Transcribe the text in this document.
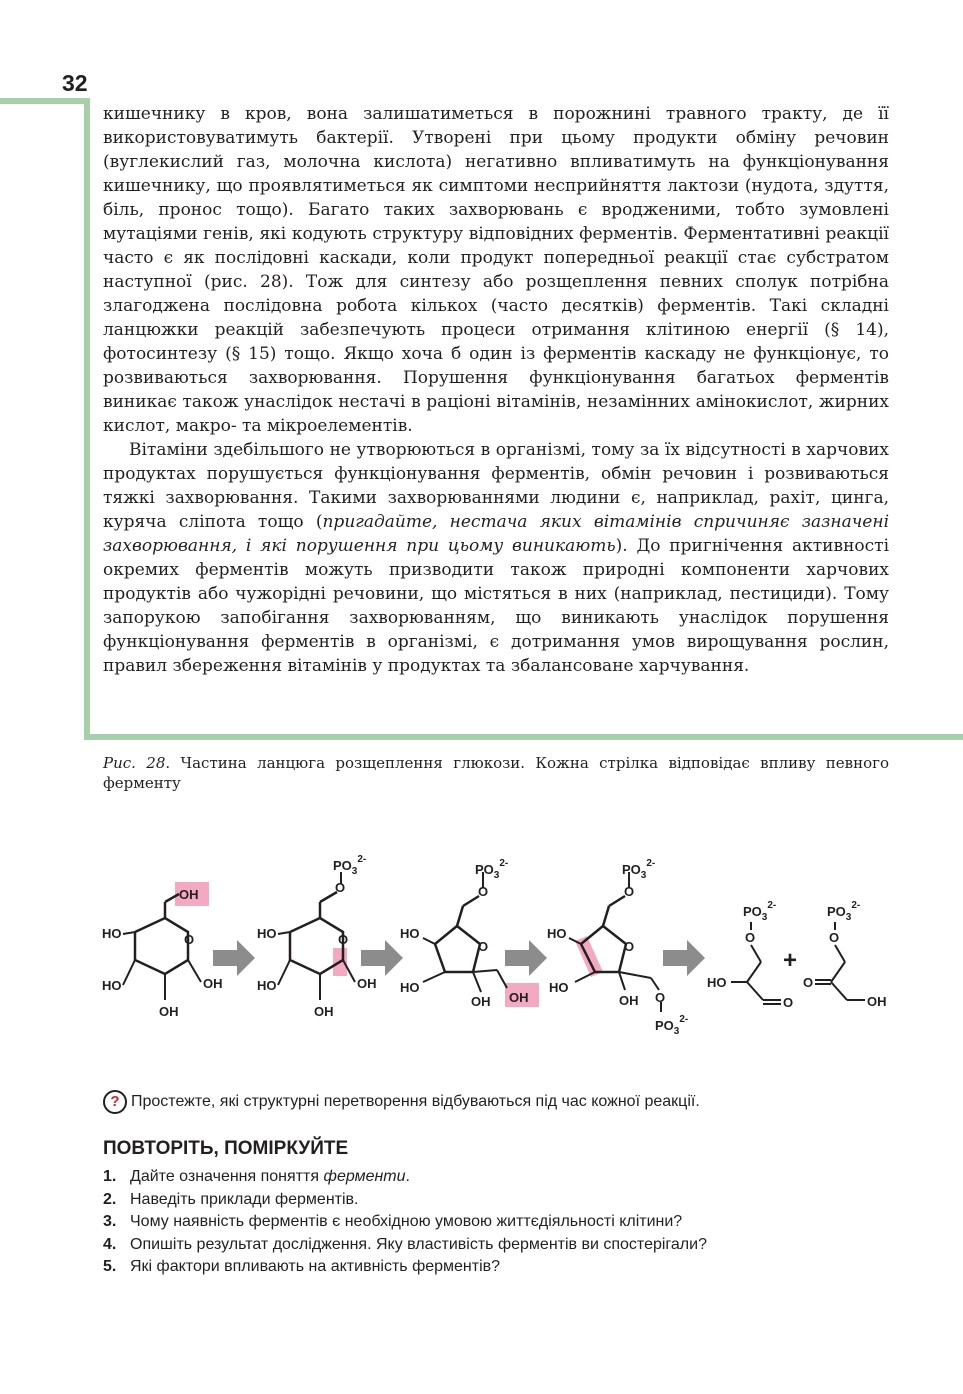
32

кишечнику в кров, вона залишатиметься в порожнині травного тракту, де її використовуватимуть бактерії. Утворені при цьому продукти обміну речовин (вуглекислий газ, молочна кислота) негативно впливатимуть на функціонування кишечнику, що проявлятиметься як симптоми несприйняття лактози (нудота, здуття, біль, пронос тощо). Багато таких захворювань є вродженими, тобто зумовлені мутаціями генів, які кодують структуру відповідних ферментів. Ферментативні реакції часто є як послідовні каскади, коли продукт попередньої реакції стає субстратом наступної (рис. 28). Тож для синтезу або розщеплення певних сполук потрібна злагоджена послідовна робота кількох (часто десятків) ферментів. Такі складні ланцюжки реакцій забезпечують процеси отримання клітиною енергії (§ 14), фотосинтезу (§ 15) тощо. Якщо хоча б один із ферментів каскаду не функціонує, то розвиваються захворювання. Порушення функціонування багатьох ферментів виникає також унаслідок нестачі в раціоні вітамінів, незамінних амінокислот, жирних кислот, макро- та мікроелементів.

Вітаміни здебільшого не утворюються в організмі, тому за їх відсутності в харчових продуктах порушується функціонування ферментів, обмін речовин і розвиваються тяжкі захворювання. Такими захворюваннями людини є, наприклад, рахіт, цинга, куряча сліпота тощо (пригадайте, нестача яких вітамінів спричиняє зазначені захворювання, і які порушення при цьому виникають). До пригнічення активності окремих ферментів можуть призводити також природні компоненти харчових продуктів або чужорідні речовини, що містяться в них (наприклад, пестициди). Тому запорукою запобігання захворюванням, що виникають унаслідок порушення функціонування ферментів в організмі, є дотримання умов вирощування рослин, правил збереження вітамінів у продуктах та збалансоване харчування.

Рис. 28. Частина ланцюга розщеплення глюкози. Кожна стрілка відповідає впливу певного ферменту
OH
HO
HO	OH
OH
O
O
$PO_3^{2-}$
HO
HO	OH
OH
O
O
$PO_3^{2-}$
HO
HO
OH OH
O
O
$PO_3^{2-}$
HO
HO
OH O
$PO_3^{2-}$
O
$PO_3^{2-}$
O
HO
O
+
$PO_3^{2-}$
O
O
OH
? Простежте, які структурні перетворення відбуваються під час кожної реакції.
ПОВТОРІТЬ, ПОМІРКУЙТЕ
1. Дайте означення поняття ферменти.
2. Наведіть приклади ферментів.
3. Чому наявність ферментів є необхідною умовою життєдіяльності клітини?
4. Опишіть результат дослідження. Яку властивість ферментів ви спостерігали?
5. Які фактори впливають на активність ферментів?
